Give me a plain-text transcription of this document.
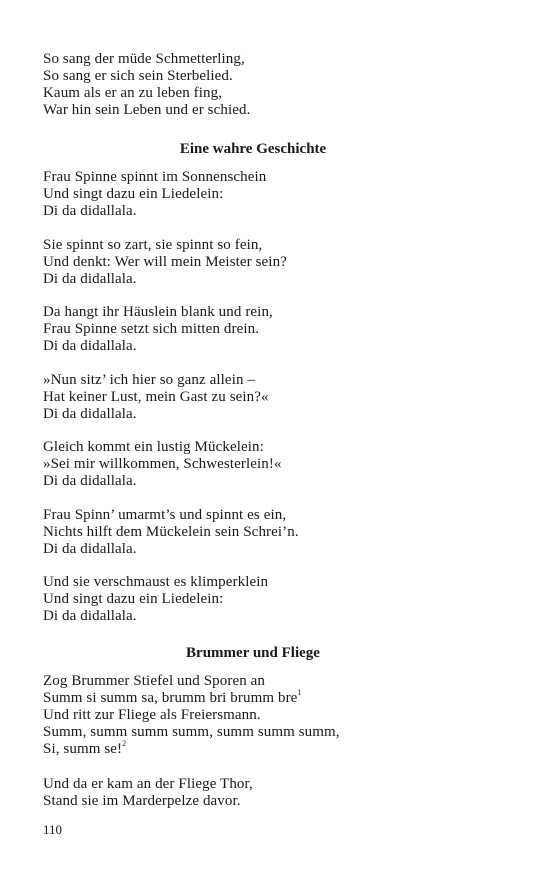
So sang der müde Schmetterling,
So sang er sich sein Sterbelied.
Kaum als er an zu leben fing,
War hin sein Leben und er schied.
Eine wahre Geschichte
Frau Spinne spinnt im Sonnenschein
Und singt dazu ein Liedelein:
Di da didallala.
Sie spinnt so zart, sie spinnt so fein,
Und denkt: Wer will mein Meister sein?
Di da didallala.
Da hangt ihr Häuslein blank und rein,
Frau Spinne setzt sich mitten drein.
Di da didallala.
»Nun sitz’ ich hier so ganz allein –
Hat keiner Lust, mein Gast zu sein?«
Di da didallala.
Gleich kommt ein lustig Mückelein:
»Sei mir willkommen, Schwesterlein!«
Di da didallala.
Frau Spinn’ umarmt’s und spinnt es ein,
Nichts hilft dem Mückelein sein Schrei’n.
Di da didallala.
Und sie verschmaust es klimperklein
Und singt dazu ein Liedelein:
Di da didallala.
Brummer und Fliege
Zog Brummer Stiefel und Sporen an
Summ si summ sa, brumm bri brumm bre$^1$
Und ritt zur Fliege als Freiersmann.
Summ, summ summ summ, summ summ summ,
Si, summ se!$^2$
Und da er kam an der Fliege Thor,
Stand sie im Marderpelze davor.
110
